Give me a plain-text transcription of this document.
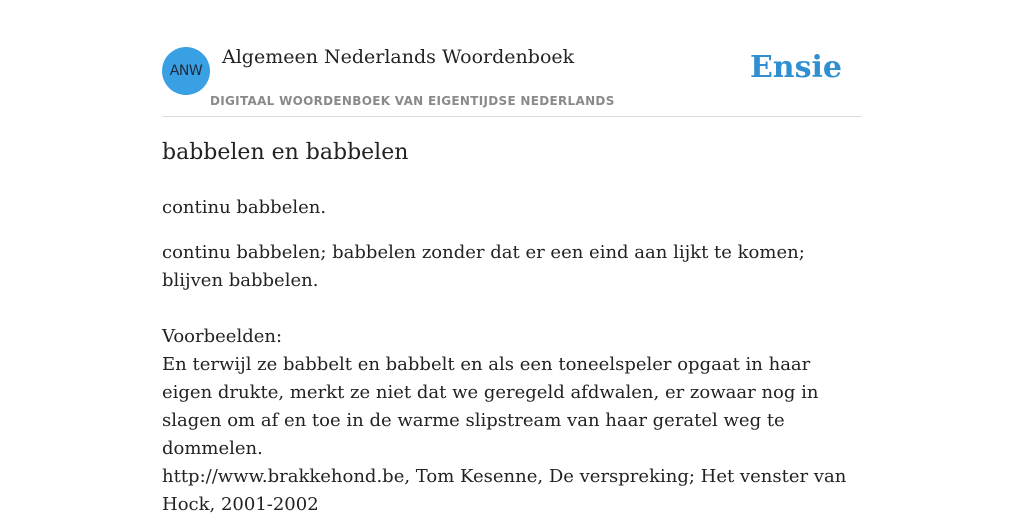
ANW
Algemeen Nederlands Woordenboek
DIGITAAL WOORDENBOEK VAN EIGENTIJDSE NEDERLANDS
Ensie
babbelen en babbelen
continu babbelen.
continu babbelen; babbelen zonder dat er een eind aan lijkt te komen; blijven babbelen.
Voorbeelden:
En terwijl ze babbelt en babbelt en als een toneelspeler opgaat in haar eigen drukte, merkt ze niet dat we geregeld afdwalen, er zowaar nog in slagen om af en toe in de warme slipstream van haar geratel weg te dommelen.
http://www.brakkehond.be, Tom Kesenne, De verspreking; Het venster van Hock, 2001-2002
